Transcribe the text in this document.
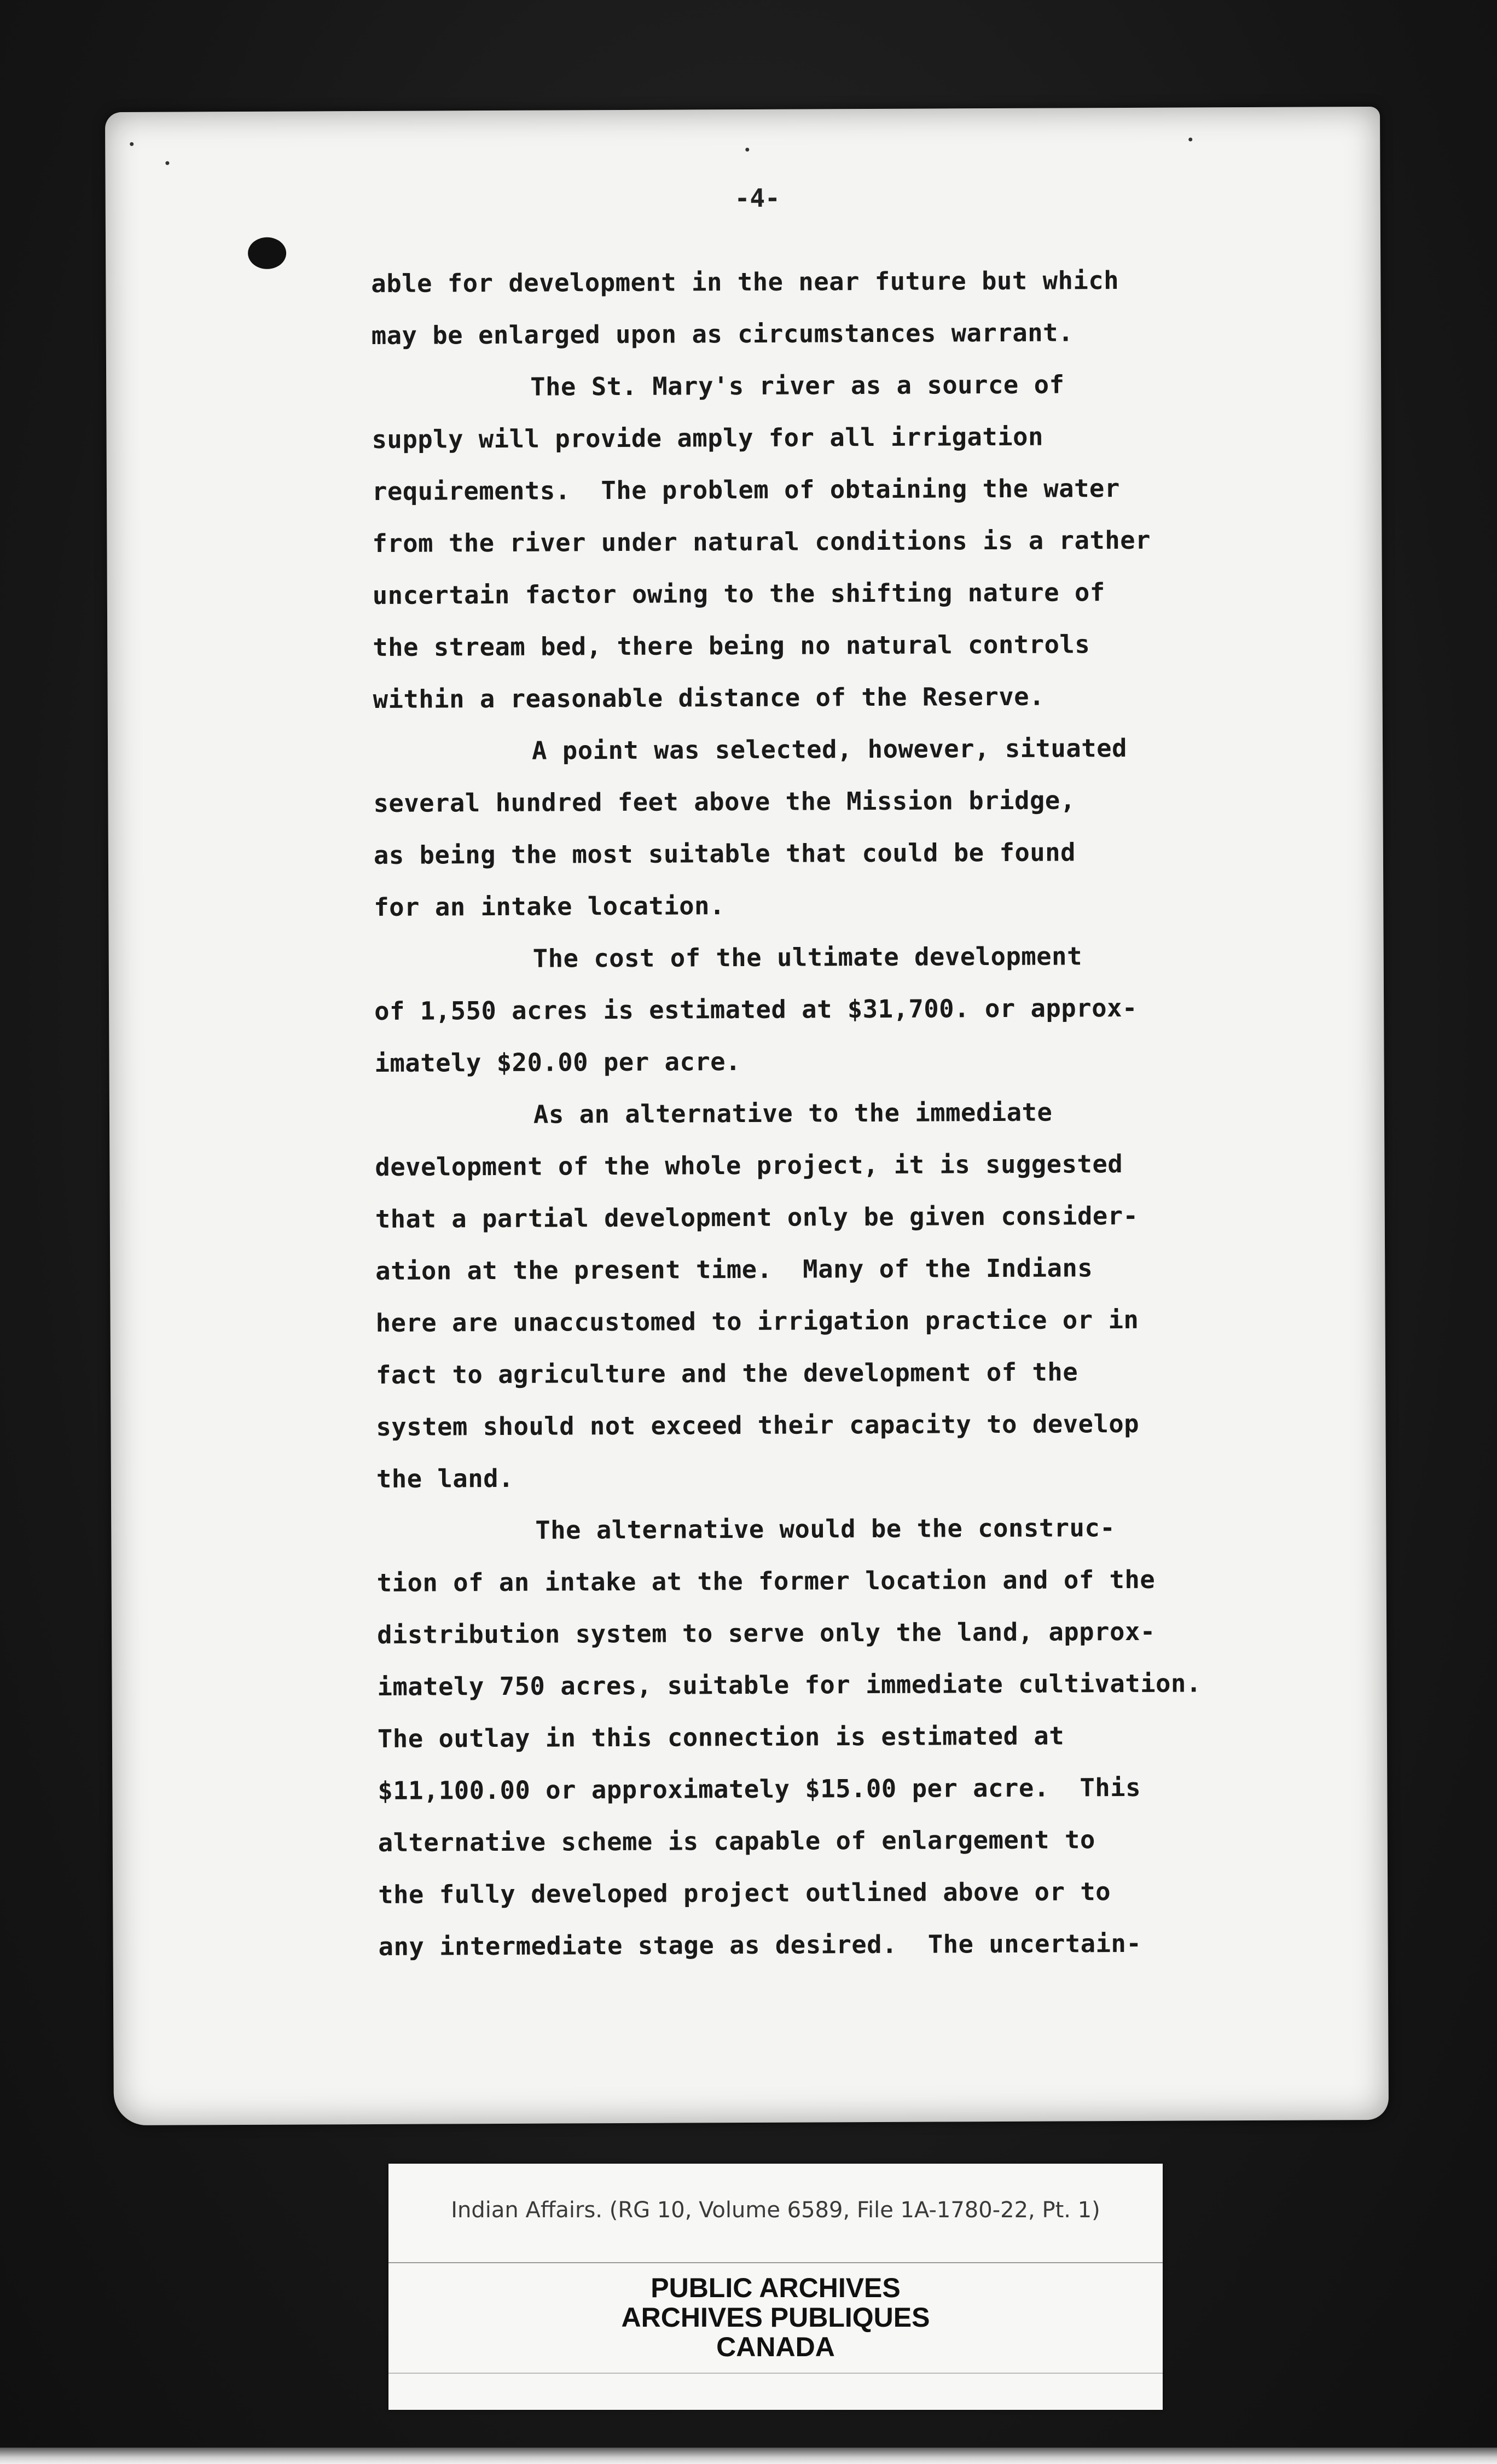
-4-
able for development in the near future but which
may be enlarged upon as circumstances warrant.
The St. Mary's river as a source of
supply will provide amply for all irrigation
requirements.  The problem of obtaining the water
from the river under natural conditions is a rather
uncertain factor owing to the shifting nature of
the stream bed, there being no natural controls
within a reasonable distance of the Reserve.
A point was selected, however, situated
several hundred feet above the Mission bridge,
as being the most suitable that could be found
for an intake location.
The cost of the ultimate development
of 1,550 acres is estimated at $31,700. or approx-
imately $20.00 per acre.
As an alternative to the immediate
development of the whole project, it is suggested
that a partial development only be given consider-
ation at the present time.  Many of the Indians
here are unaccustomed to irrigation practice or in
fact to agriculture and the development of the
system should not exceed their capacity to develop
the land.
The alternative would be the construc-
tion of an intake at the former location and of the
distribution system to serve only the land, approx-
imately 750 acres, suitable for immediate cultivation.
The outlay in this connection is estimated at
$11,100.00 or approximately $15.00 per acre.  This
alternative scheme is capable of enlargement to
the fully developed project outlined above or to
any intermediate stage as desired.  The uncertain-
Indian Affairs. (RG 10, Volume 6589, File 1A-1780-22, Pt. 1)
PUBLIC ARCHIVES
ARCHIVES PUBLIQUES
CANADA
